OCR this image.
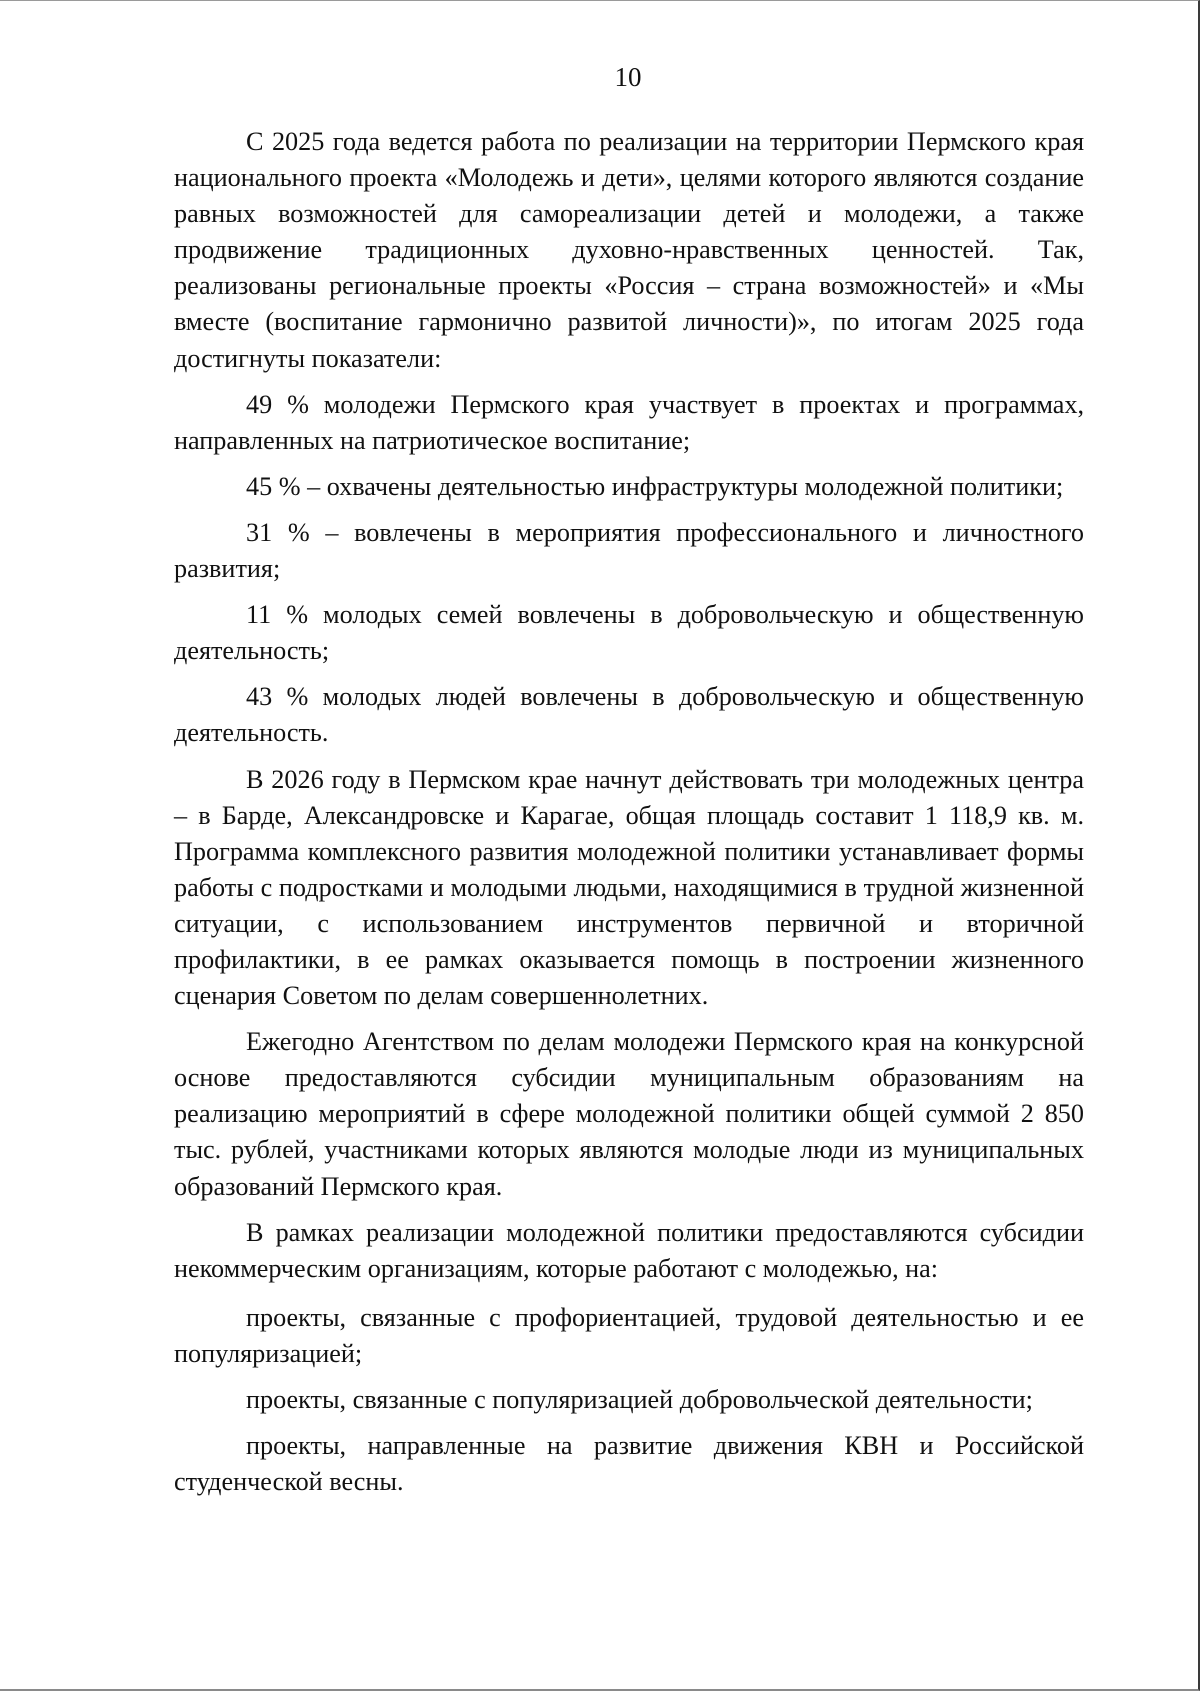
10

С 2025 года ведется работа по реализации на территории Пермского края национального проекта «Молодежь и дети», целями которого являются создание равных возможностей для самореализации детей и молодежи, а также продвижение традиционных духовно-нравственных ценностей. Так, реализованы региональные проекты «Россия – страна возможностей» и «Мы вместе (воспитание гармонично развитой личности)», по итогам 2025 года достигнуты показатели:

49 % молодежи Пермского края участвует в проектах и программах, направленных на патриотическое воспитание;

45 % – охвачены деятельностью инфраструктуры молодежной политики;

31 % – вовлечены в мероприятия профессионального и личностного развития;

11 % молодых семей вовлечены в добровольческую и общественную деятельность;

43 % молодых людей вовлечены в добровольческую и общественную деятельность.

В 2026 году в Пермском крае начнут действовать три молодежных центра – в Барде, Александровске и Карагае, общая площадь составит 1 118,9 кв. м. Программа комплексного развития молодежной политики устанавливает формы работы с подростками и молодыми людьми, находящимися в трудной жизненной ситуации, с использованием инструментов первичной и вторичной профилактики, в ее рамках оказывается помощь в построении жизненного сценария Советом по делам совершеннолетних.

Ежегодно Агентством по делам молодежи Пермского края на конкурсной основе предоставляются субсидии муниципальным образованиям на реализацию мероприятий в сфере молодежной политики общей суммой 2 850 тыс. рублей, участниками которых являются молодые люди из муниципальных образований Пермского края.

В рамках реализации молодежной политики предоставляются субсидии некоммерческим организациям, которые работают с молодежью, на:

проекты, связанные с профориентацией, трудовой деятельностью и ее популяризацией;

проекты, связанные с популяризацией добровольческой деятельности;

проекты, направленные на развитие движения КВН и Российской студенческой весны.
